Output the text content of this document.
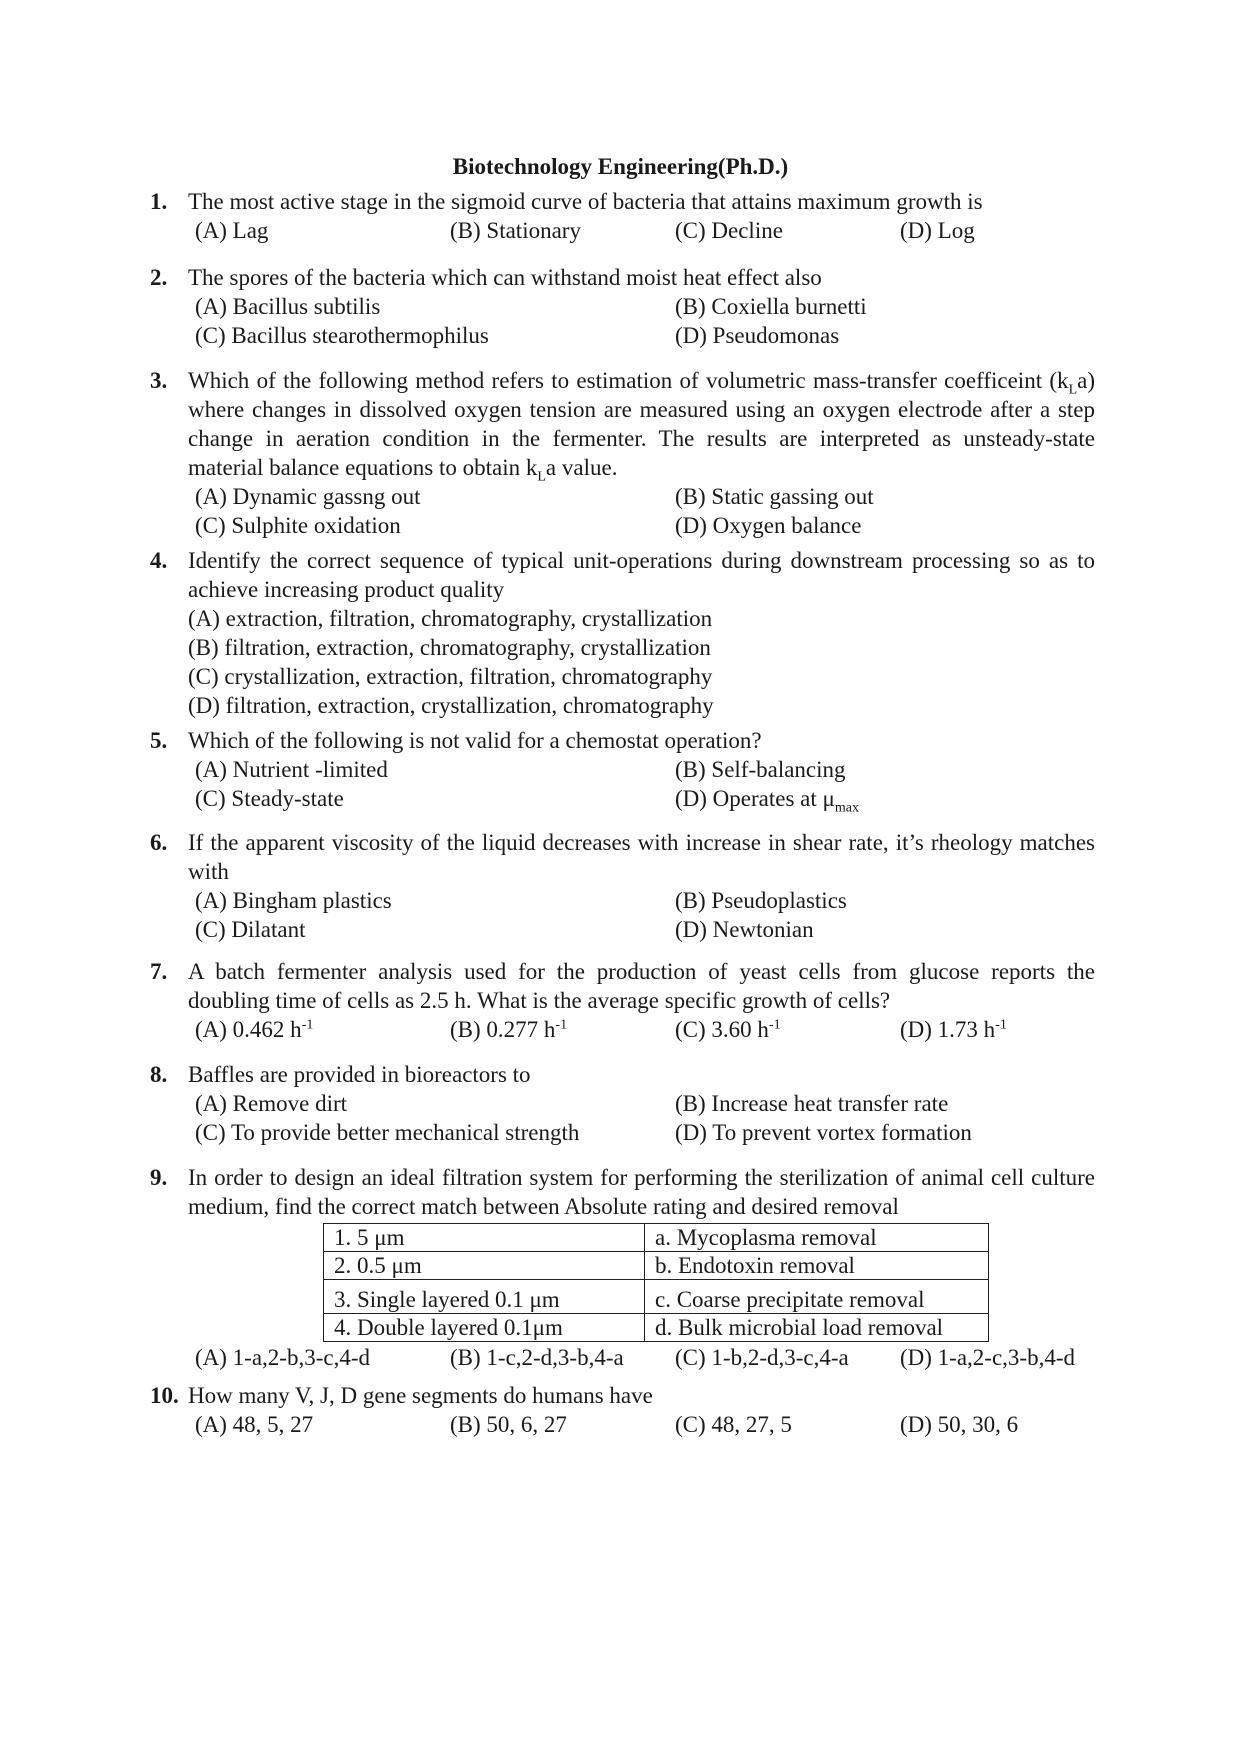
Biotechnology Engineering(Ph.D.)
1. The most active stage in the sigmoid curve of bacteria that attains maximum growth is
(A) Lag	(B) Stationary	(C) Decline	(D) Log
2. The spores of the bacteria which can withstand moist heat effect also
(A) Bacillus subtilis	(B) Coxiella burnetti
(C) Bacillus stearothermophilus	(D) Pseudomonas
3. Which of the following method refers to estimation of volumetric mass-transfer coefficeint $(k_La)$ where changes in dissolved oxygen tension are measured using an oxygen electrode after a step change in aeration condition in the fermenter. The results are interpreted as unsteady-state material balance equations to obtain $k_La$ value.
(A) Dynamic gassng out	(B) Static gassing out
(C) Sulphite oxidation	(D) Oxygen balance
4. Identify the correct sequence of typical unit-operations during downstream processing so as to achieve increasing product quality
(A) extraction, filtration, chromatography, crystallization
(B) filtration, extraction, chromatography, crystallization
(C) crystallization, extraction, filtration, chromatography
(D) filtration, extraction, crystallization, chromatography
5. Which of the following is not valid for a chemostat operation?
(A) Nutrient -limited	(B) Self-balancing
(C) Steady-state	(D) Operates at $\mu_{max}$
6. If the apparent viscosity of the liquid decreases with increase in shear rate, it’s rheology matches with
(A) Bingham plastics	(B) Pseudoplastics
(C) Dilatant	(D) Newtonian
7. A batch fermenter analysis used for the production of yeast cells from glucose reports the doubling time of cells as 2.5 h. What is the average specific growth of cells?
(A) 0.462 $h^{-1}$	(B) 0.277 $h^{-1}$	(C) 3.60 $h^{-1}$	(D) 1.73 $h^{-1}$
8. Baffles are provided in bioreactors to
(A) Remove dirt	(B) Increase heat transfer rate
(C) To provide better mechanical strength	(D) To prevent vortex formation
9. In order to design an ideal filtration system for performing the sterilization of animal cell culture medium, find the correct match between Absolute rating and desired removal
1. 5 μm	a. Mycoplasma removal
2. 0.5 μm	b. Endotoxin removal
3. Single layered 0.1 μm	c. Coarse precipitate removal
4. Double layered 0.1μm	d. Bulk microbial load removal
(A) 1-a,2-b,3-c,4-d	(B) 1-c,2-d,3-b,4-a (C) 1-b,2-d,3-c,4-a (D) 1-a,2-c,3-b,4-d
10. How many V, J, D gene segments do humans have
(A) 48, 5, 27	(B) 50, 6, 27	(C) 48, 27, 5	(D) 50, 30, 6
